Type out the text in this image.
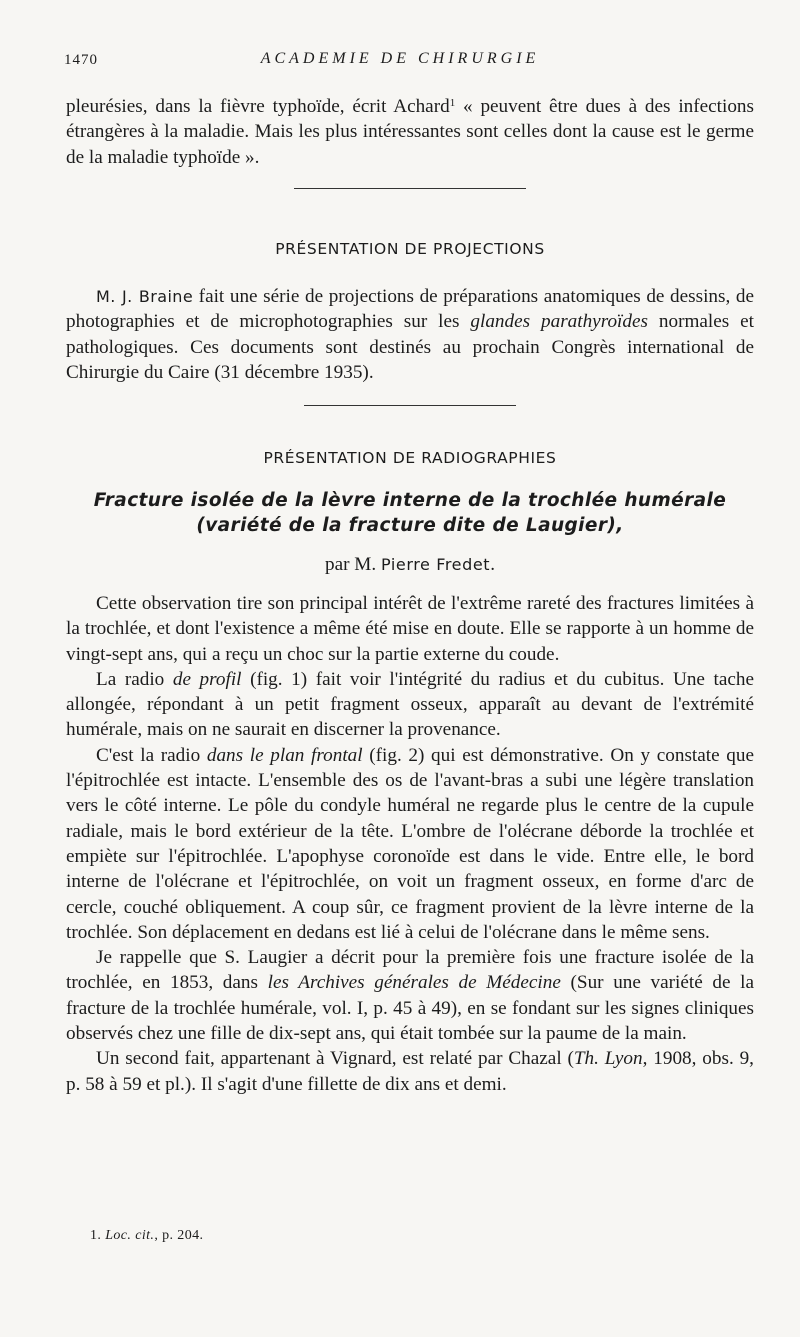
1470	ACADEMIE DE CHIRURGIE

pleurésies, dans la fièvre typhoïde, écrit Achard$^1$ « peuvent être dues à des infections étrangères à la maladie. Mais les plus intéressantes sont celles dont la cause est le germe de la maladie typhoïde ».

PRÉSENTATION DE PROJECTIONS

M. J. Braine fait une série de projections de préparations anatomiques de dessins, de photographies et de microphotographies sur les glandes parathyroïdes normales et pathologiques. Ces documents sont destinés au prochain Congrès international de Chirurgie du Caire (31 décembre 1935).

PRÉSENTATION DE RADIOGRAPHIES
Fracture isolée de la lèvre interne de la trochlée humérale
(variété de la fracture dite de Laugier),
par M. Pierre Fredet.

Cette observation tire son principal intérêt de l'extrême rareté des fractures limitées à la trochlée, et dont l'existence a même été mise en doute. Elle se rapporte à un homme de vingt-sept ans, qui a reçu un choc sur la partie externe du coude.

La radio de profil (fig. 1) fait voir l'intégrité du radius et du cubitus. Une tache allongée, répondant à un petit fragment osseux, apparaît au devant de l'extrémité humérale, mais on ne saurait en discerner la provenance.

C'est la radio dans le plan frontal (fig. 2) qui est démonstrative. On y constate que l'épitrochlée est intacte. L'ensemble des os de l'avant-bras a subi une légère translation vers le côté interne. Le pôle du condyle huméral ne regarde plus le centre de la cupule radiale, mais le bord extérieur de la tête. L'ombre de l'olécrane déborde la trochlée et empiète sur l'épitrochlée. L'apophyse coronoïde est dans le vide. Entre elle, le bord interne de l'olécrane et l'épitrochlée, on voit un fragment osseux, en forme d'arc de cercle, couché obliquement. A coup sûr, ce fragment provient de la lèvre interne de la trochlée. Son déplacement en dedans est lié à celui de l'olécrane dans le même sens.

Je rappelle que S. Laugier a décrit pour la première fois une fracture isolée de la trochlée, en 1853, dans les Archives générales de Médecine (Sur une variété de la fracture de la trochlée humérale, vol. I, p. 45 à 49), en se fondant sur les signes cliniques observés chez une fille de dix-sept ans, qui était tombée sur la paume de la main.

Un second fait, appartenant à Vignard, est relaté par Chazal (Th. Lyon, 1908, obs. 9, p. 58 à 59 et pl.). Il s'agit d'une fillette de dix ans et demi.

1. Loc. cit., p. 204.
